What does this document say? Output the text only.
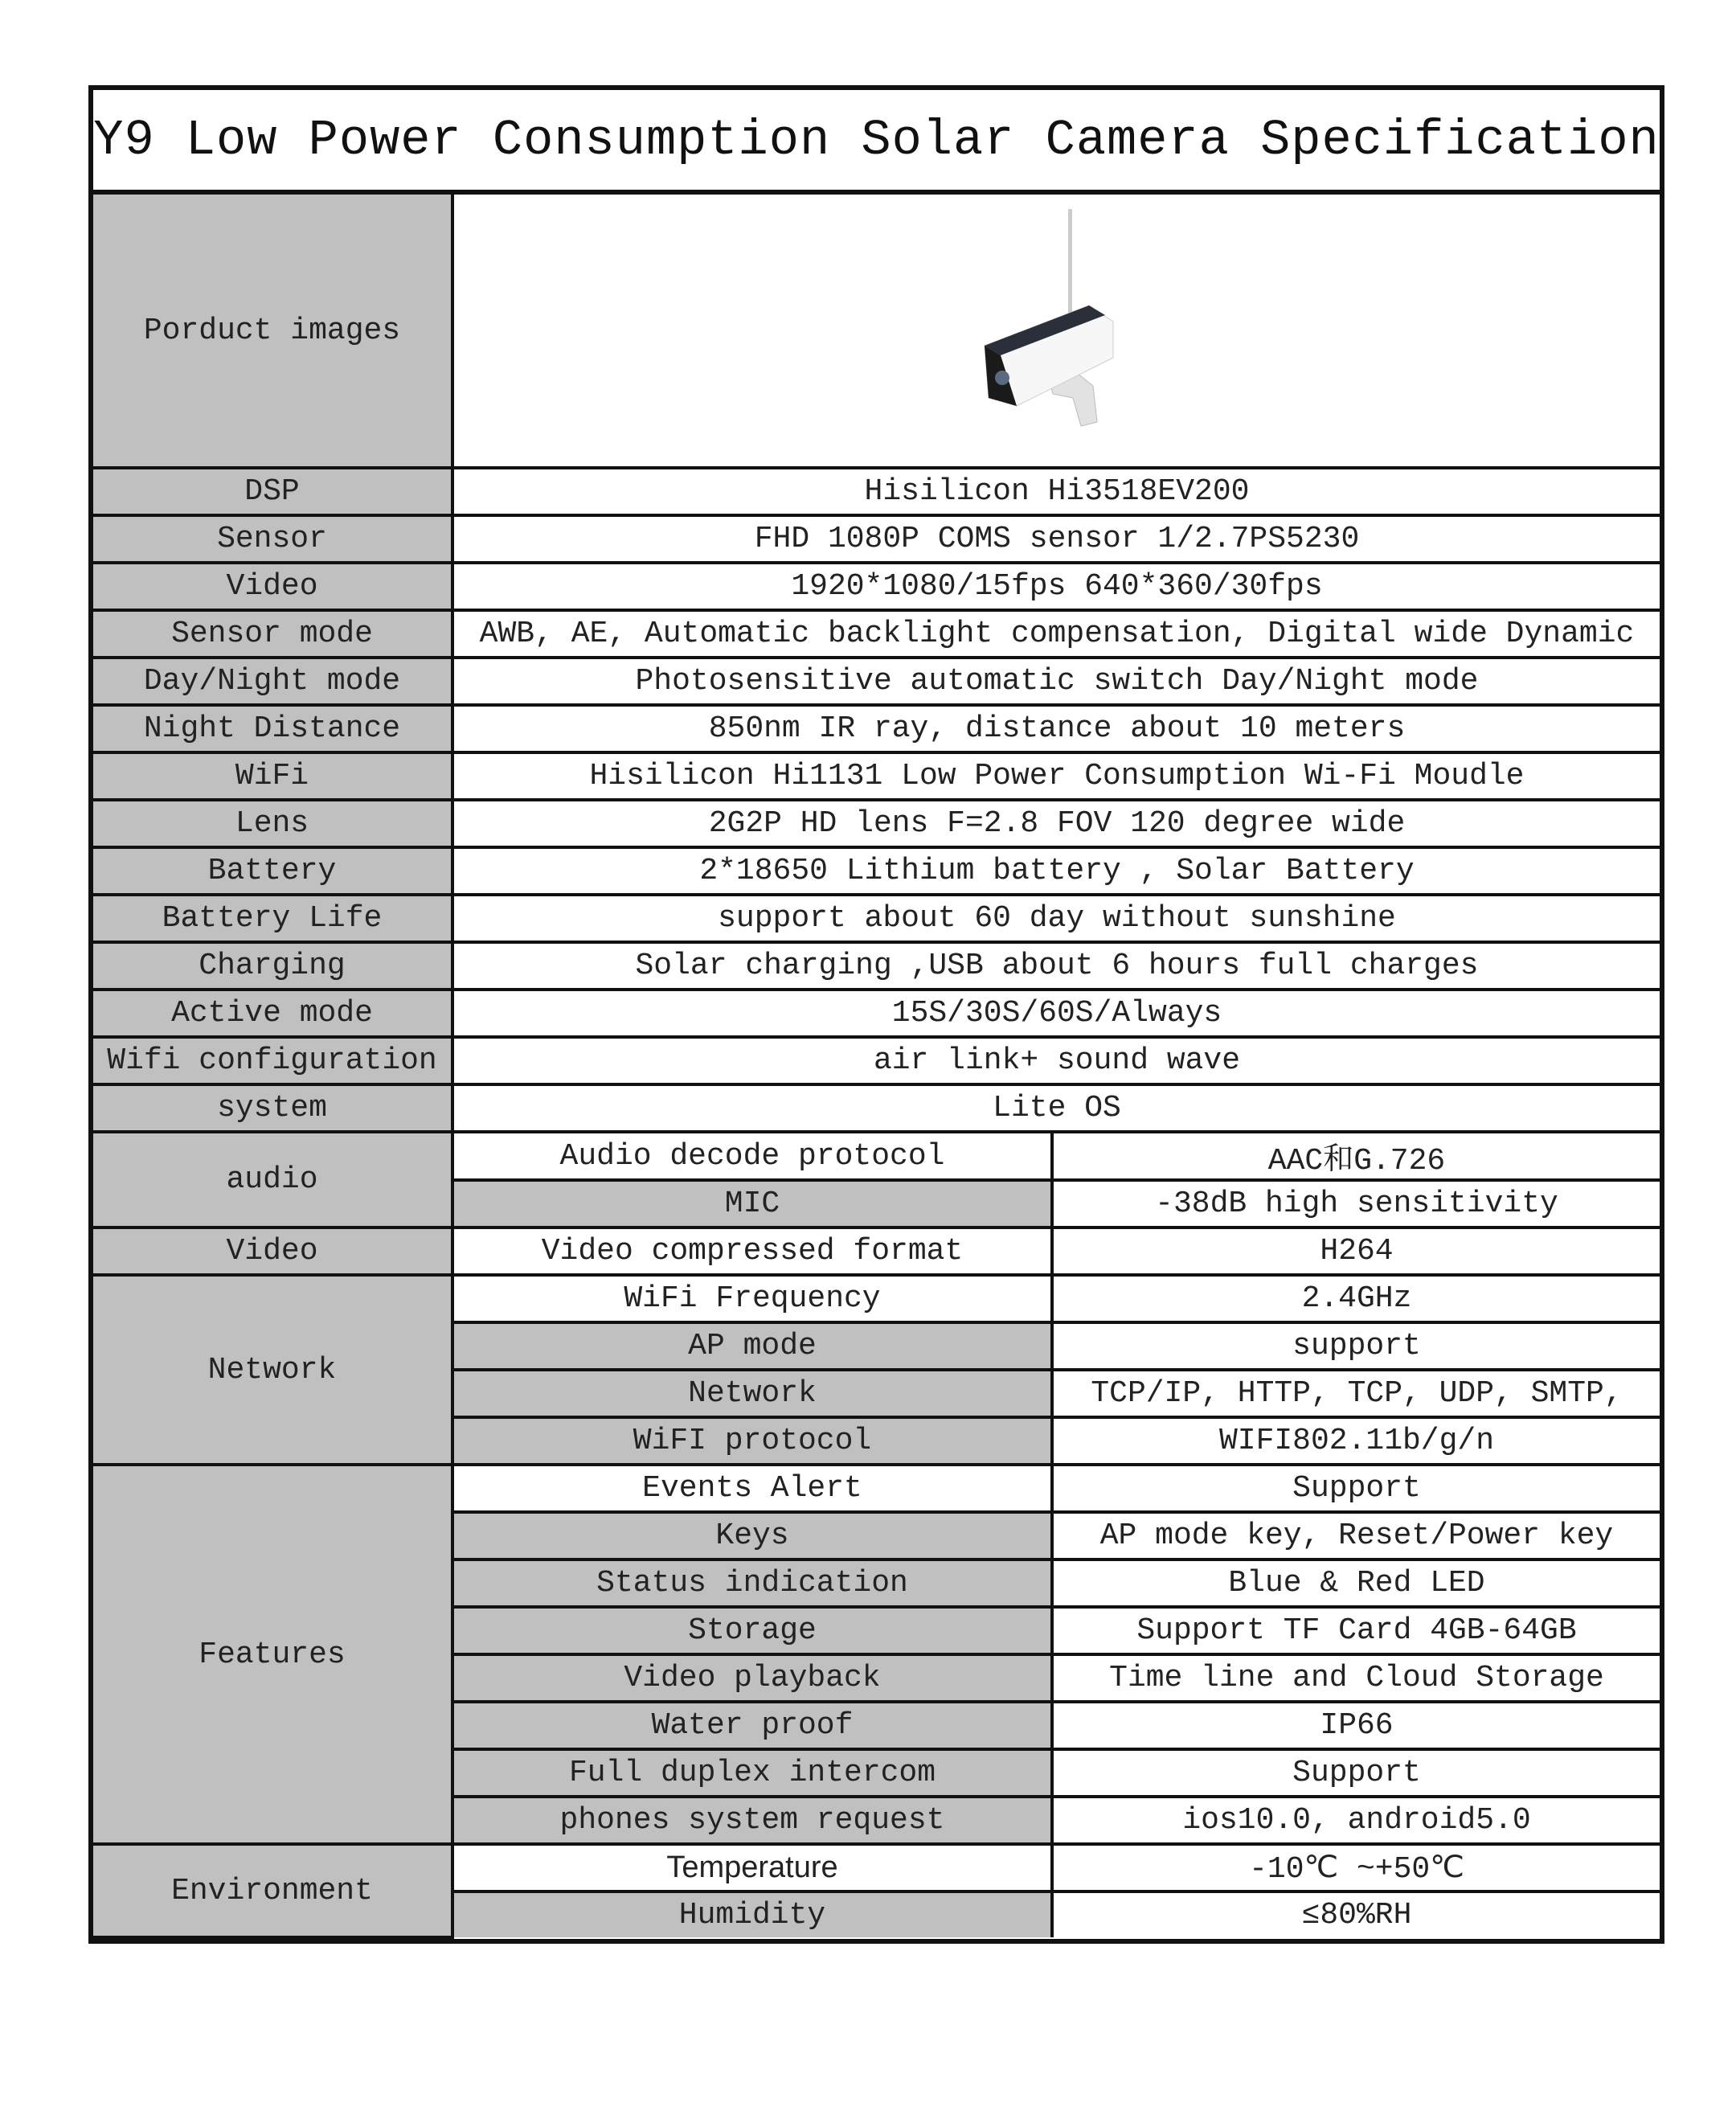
Y9 Low Power Consumption Solar Camera Specification
Porduct images	
DSP	Hisilicon Hi3518EV200	
Sensor	FHD 1080P COMS sensor 1/2.7PS5230	
Video	1920*1080/15fps 640*360/30fps	
Sensor mode	AWB, AE, Automatic backlight compensation, Digital wide Dynamic	
Day/Night mode	Photosensitive automatic switch Day/Night mode	
Night Distance	850nm IR ray, distance about 10 meters	
WiFi	Hisilicon Hi1131 Low Power Consumption Wi-Fi Moudle	
Lens	2G2P HD lens F=2.8 FOV 120 degree wide	
Battery	2*18650 Lithium battery , Solar Battery	
Battery Life	support about 60 day without sunshine	
Charging	Solar charging ,USB about 6 hours full charges	
Active mode	15S/30S/60S/Always	
Wifi configuration	air link+ sound wave	
system	Lite OS	
audio	Audio decode protocol	AAC和G.726
	MIC	-38dB high sensitivity
Video	Video compressed format	H264
Network	WiFi Frequency	2.4GHz
	AP mode	support
	Network	TCP/IP, HTTP, TCP, UDP, SMTP,
	WiFI protocol	WIFI802.11b/g/n
Features	Events Alert	Support
	Keys	AP mode key, Reset/Power key
	Status indication	Blue & Red LED
	Storage	Support TF Card 4GB-64GB
	Video playback	Time line and Cloud Storage
	Water proof	IP66
	Full duplex intercom	Support
	phones system request	ios10.0, android5.0
Environment	Temperature	-10℃ ~+50℃
	Humidity	≤80%RH
